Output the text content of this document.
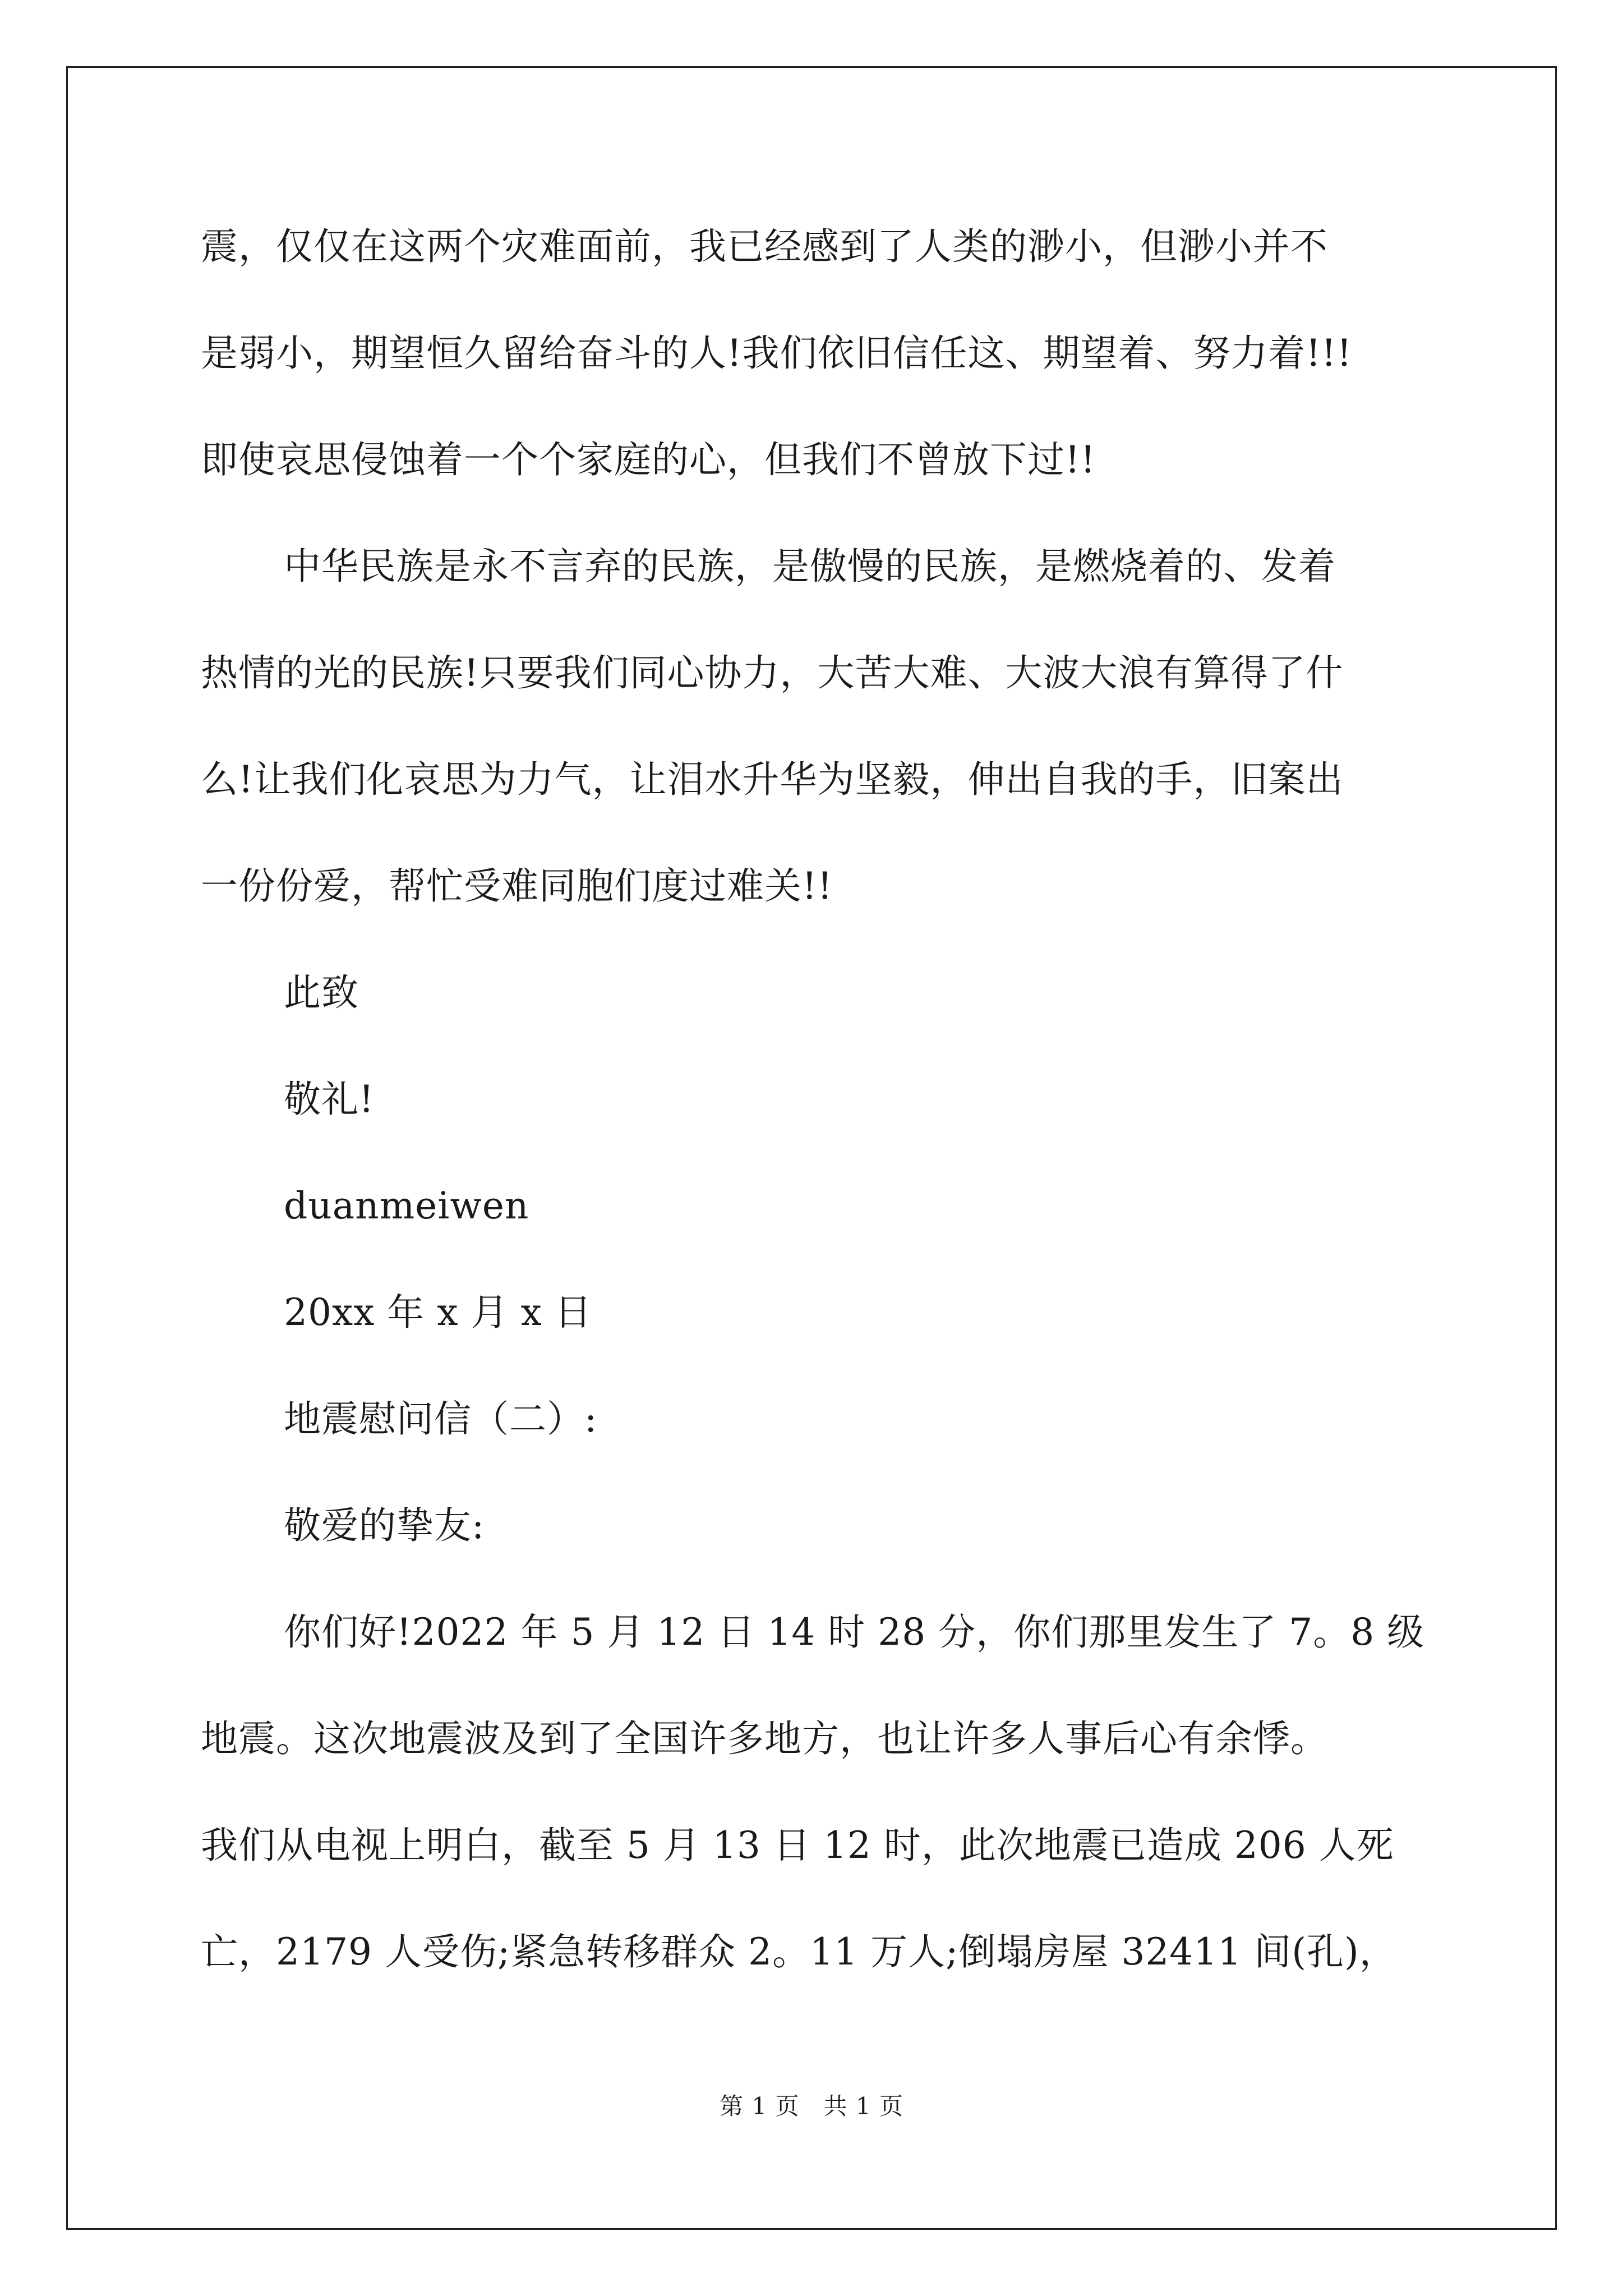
震，仅仅在这两个灾难面前，我已经感到了人类的渺小，但渺小并不
是弱小，期望恒久留给奋斗的人!我们依旧信任这、期望着、努力着!!!
即使哀思侵蚀着一个个家庭的心，但我们不曾放下过!!
中华民族是永不言弃的民族，是傲慢的民族，是燃烧着的、发着
热情的光的民族!只要我们同心协力，大苦大难、大波大浪有算得了什
么!让我们化哀思为力气，让泪水升华为坚毅，伸出自我的手，旧案出
一份份爱，帮忙受难同胞们度过难关!!
此致
敬礼!
duanmeiwen
20xx 年 x 月 x 日
地震慰问信（二）:
敬爱的挚友:
你们好!2022 年 5 月 12 日 14 时 28 分，你们那里发生了 7。8 级
地震。这次地震波及到了全国许多地方，也让许多人事后心有余悸。
我们从电视上明白，截至 5 月 13 日 12 时，此次地震已造成 206 人死
亡，2179 人受伤;紧急转移群众 2。11 万人;倒塌房屋 32411 间(孔)，
第 1 页　共 1 页
